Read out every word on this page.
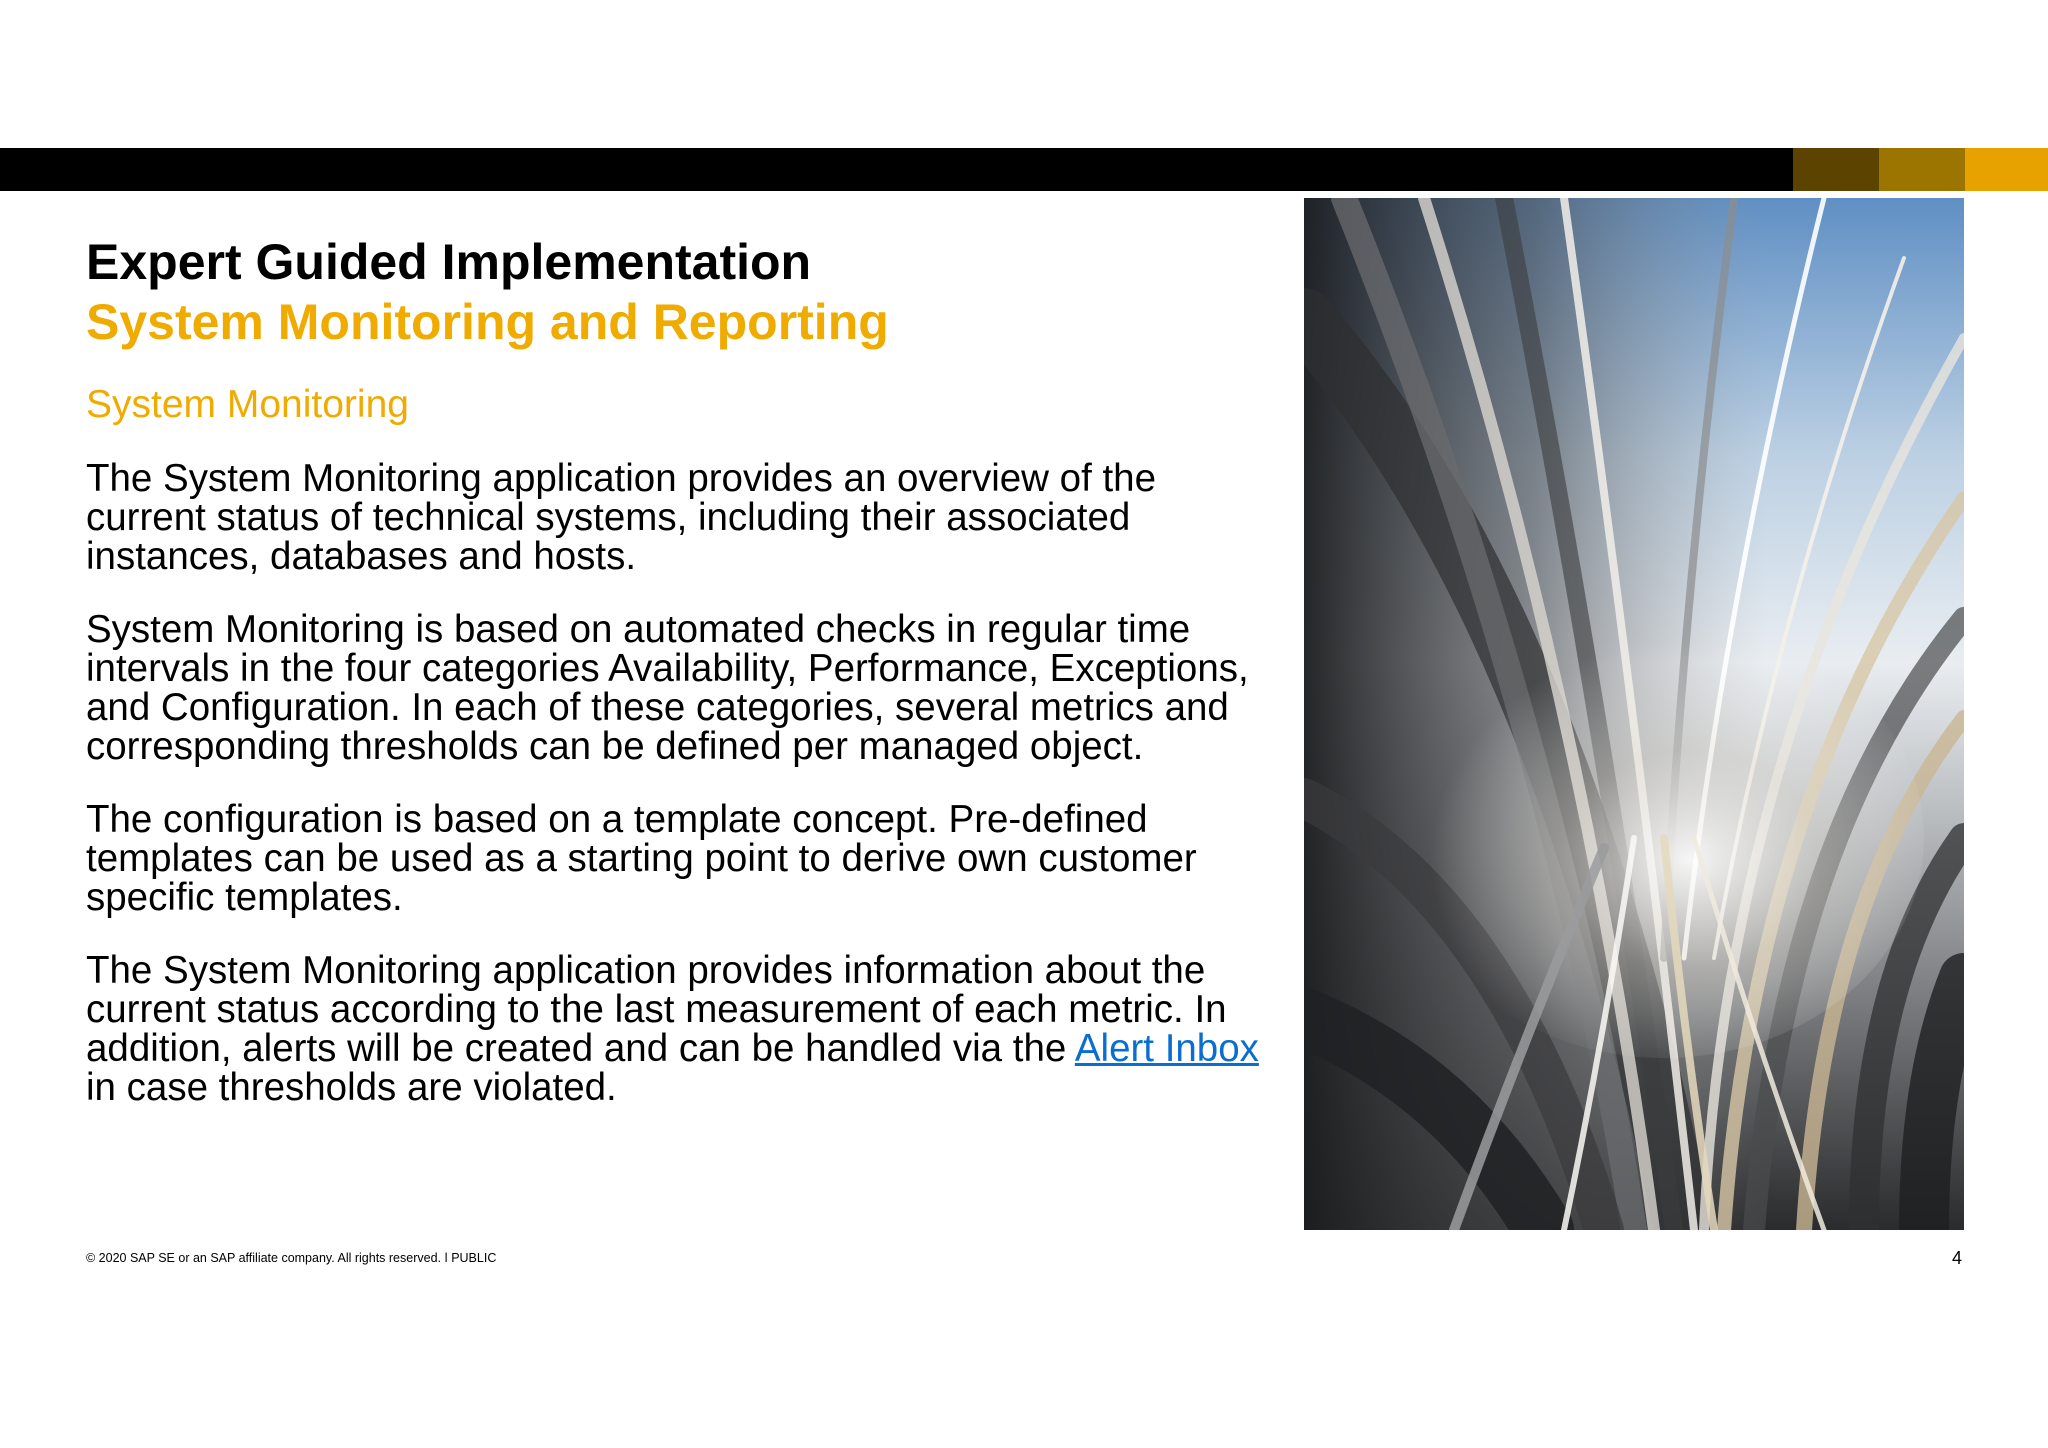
Expert Guided Implementation
System Monitoring and Reporting
System Monitoring

The System Monitoring application provides an overview of the current status of technical systems, including their associated instances, databases and hosts.

System Monitoring is based on automated checks in regular time intervals in the four categories Availability, Performance, Exceptions, and Configuration. In each of these categories, several metrics and corresponding thresholds can be defined per managed object.

The configuration is based on a template concept. Pre-defined templates can be used as a starting point to derive own customer specific templates.

The System Monitoring application provides information about the current status according to the last measurement of each metric. In addition, alerts will be created and can be handled via the Alert Inbox in case thresholds are violated.

© 2020 SAP SE or an SAP affiliate company. All rights reserved. ǀ PUBLIC	4
